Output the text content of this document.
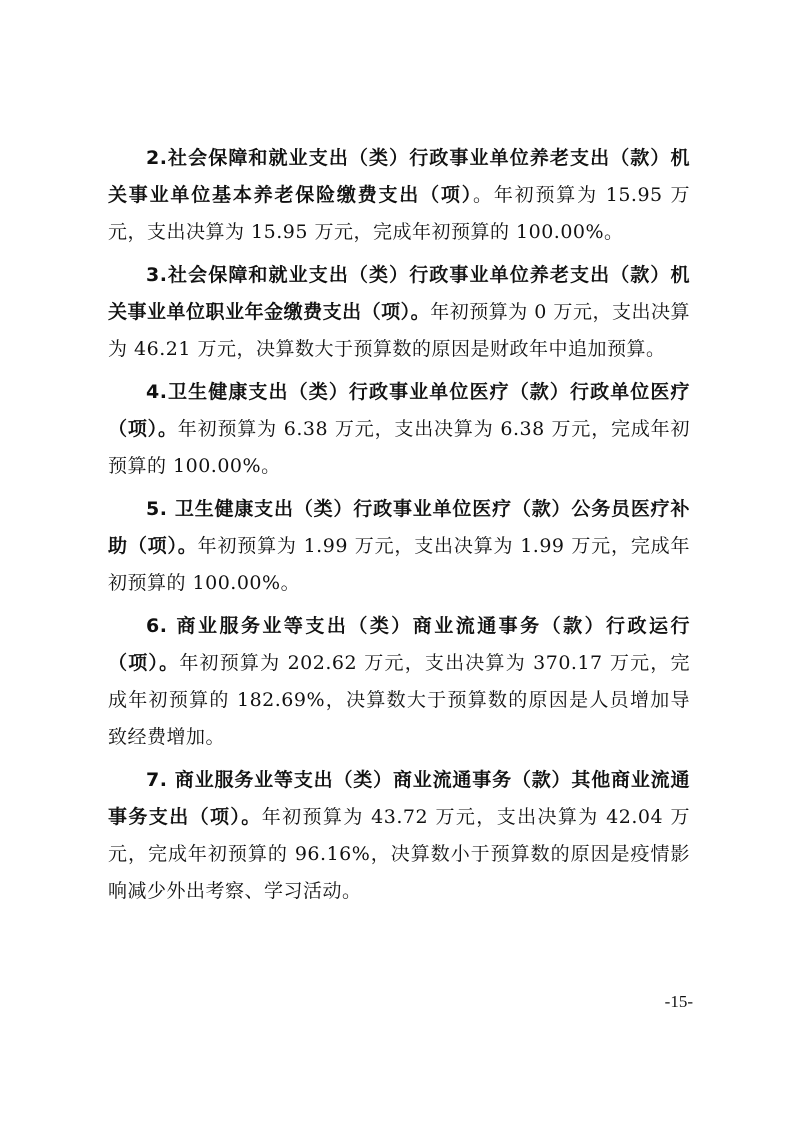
2.社会保障和就业支出（类）行政事业单位养老支出（款）机关事业单位基本养老保险缴费支出（项）。年初预算为 15.95 万元，支出决算为 15.95 万元，完成年初预算的 100.00%。

3.社会保障和就业支出（类）行政事业单位养老支出（款）机关事业单位职业年金缴费支出（项）。年初预算为 0 万元，支出决算为 46.21 万元，决算数大于预算数的原因是财政年中追加预算。

4.卫生健康支出（类）行政事业单位医疗（款）行政单位医疗（项）。年初预算为 6.38 万元，支出决算为 6.38 万元，完成年初预算的 100.00%。

5. 卫生健康支出（类）行政事业单位医疗（款）公务员医疗补助（项）。年初预算为 1.99 万元，支出决算为 1.99 万元，完成年初预算的 100.00%。

6. 商业服务业等支出（类）商业流通事务（款）行政运行（项）。年初预算为 202.62 万元，支出决算为 370.17 万元，完成年初预算的 182.69%，决算数大于预算数的原因是人员增加导致经费增加。

7. 商业服务业等支出（类）商业流通事务（款）其他商业流通事务支出（项）。年初预算为 43.72 万元，支出决算为 42.04 万元，完成年初预算的 96.16%，决算数小于预算数的原因是疫情影响减少外出考察、学习活动。

-15-
